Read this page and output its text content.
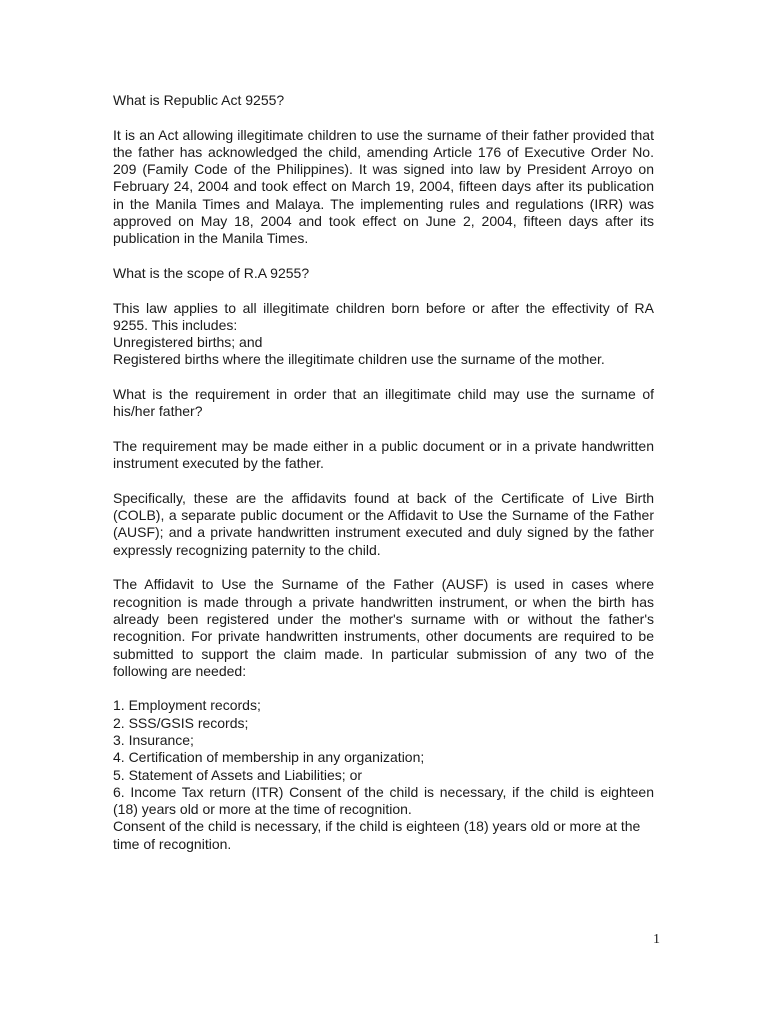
What is Republic Act 9255?

It is an Act allowing illegitimate children to use the surname of their father provided that the father has acknowledged the child, amending Article 176 of Executive Order No. 209 (Family Code of the Philippines). It was signed into law by President Arroyo on February 24, 2004 and took effect on March 19, 2004, fifteen days after its publication in the Manila Times and Malaya. The implementing rules and regulations (IRR) was approved on May 18, 2004 and took effect on June 2, 2004, fifteen days after its publication in the Manila Times.

What is the scope of R.A 9255?

This law applies to all illegitimate children born before or after the effectivity of RA 9255. This includes:
Unregistered births; and
Registered births where the illegitimate children use the surname of the mother.

What is the requirement in order that an illegitimate child may use the surname of his/her father?

The requirement may be made either in a public document or in a private handwritten instrument executed by the father.

Specifically, these are the affidavits found at back of the Certificate of Live Birth (COLB), a separate public document or the Affidavit to Use the Surname of the Father (AUSF); and a private handwritten instrument executed and duly signed by the father expressly recognizing paternity to the child.

The Affidavit to Use the Surname of the Father (AUSF) is used in cases where recognition is made through a private handwritten instrument, or when the birth has already been registered under the mother's surname with or without the father's recognition. For private handwritten instruments, other documents are required to be submitted to support the claim made. In particular submission of any two of the following are needed:

1. Employment records;
2. SSS/GSIS records;
3. Insurance;
4. Certification of membership in any organization;
5. Statement of Assets and Liabilities; or
6. Income Tax return (ITR) Consent of the child is necessary, if the child is eighteen (18) years old or more at the time of recognition.
Consent of the child is necessary, if the child is eighteen (18) years old or more at the time of recognition.

1
